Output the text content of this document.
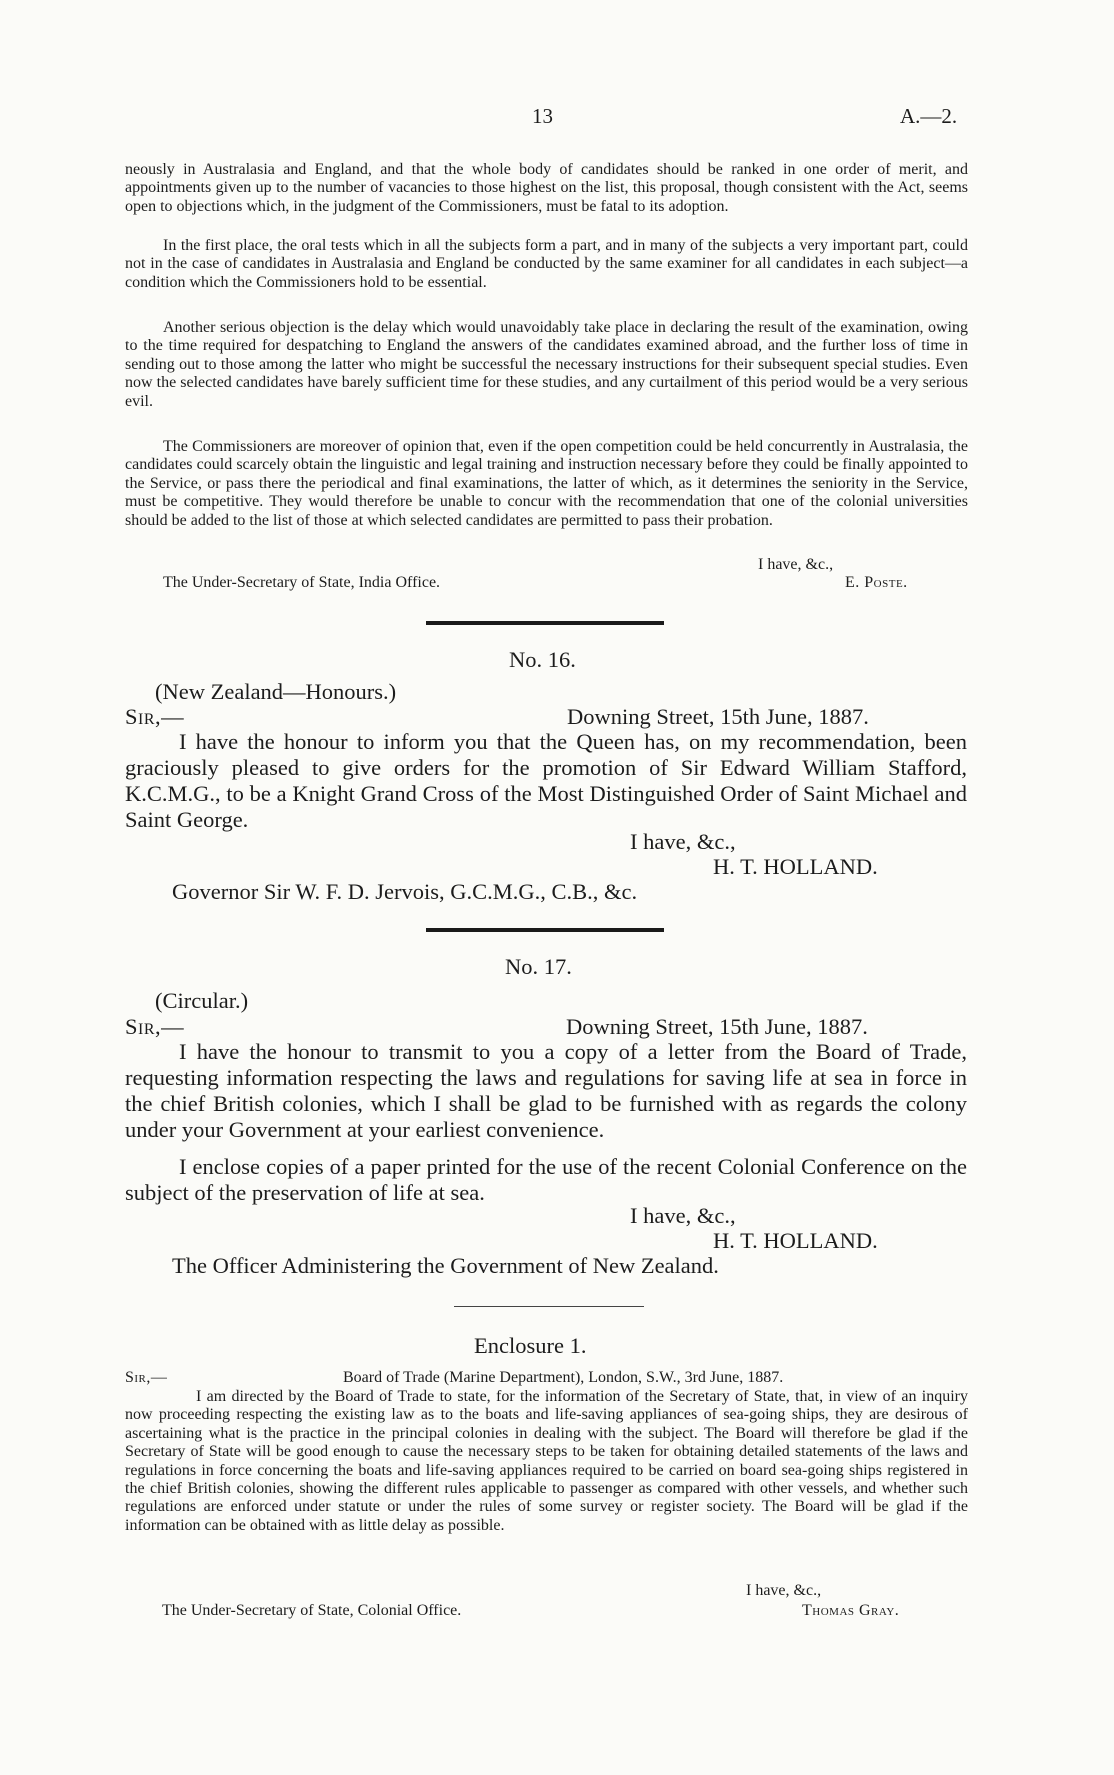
13	A.—2.
neously in Australasia and England, and that the whole body of candidates should be ranked in one order of merit, and appointments given up to the number of vacancies to those highest on the list, this proposal, though consistent with the Act, seems open to objections which, in the judgment of the Commissioners, must be fatal to its adoption.
In the first place, the oral tests which in all the subjects form a part, and in many of the subjects a very important part, could not in the case of candidates in Australasia and England be conducted by the same examiner for all candidates in each subject—a condition which the Commissioners hold to be essential.
Another serious objection is the delay which would unavoidably take place in declaring the result of the examination, owing to the time required for despatching to England the answers of the candidates examined abroad, and the further loss of time in sending out to those among the latter who might be successful the necessary instructions for their subsequent special studies. Even now the selected candidates have barely sufficient time for these studies, and any curtailment of this period would be a very serious evil.
The Commissioners are moreover of opinion that, even if the open competition could be held concurrently in Australasia, the candidates could scarcely obtain the linguistic and legal training and instruction necessary before they could be finally appointed to the Service, or pass there the periodical and final examinations, the latter of which, as it determines the seniority in the Service, must be competitive. They would therefore be unable to concur with the recommendation that one of the colonial universities should be added to the list of those at which selected candidates are permitted to pass their probation.
I have, &c.,
The Under-Secretary of State, India Office.	E. Poste.
No. 16.
(New Zealand—Honours.)
Sir,—	Downing Street, 15th June, 1887.
I have the honour to inform you that the Queen has, on my recommendation, been graciously pleased to give orders for the promotion of Sir Edward William Stafford, K.C.M.G., to be a Knight Grand Cross of the Most Distinguished Order of Saint Michael and Saint George.
I have, &c.,
H. T. HOLLAND.
Governor Sir W. F. D. Jervois, G.C.M.G., C.B., &c.
No. 17.
(Circular.)
Sir,—	Downing Street, 15th June, 1887.
I have the honour to transmit to you a copy of a letter from the Board of Trade, requesting information respecting the laws and regulations for saving life at sea in force in the chief British colonies, which I shall be glad to be furnished with as regards the colony under your Government at your earliest convenience.
I enclose copies of a paper printed for the use of the recent Colonial Conference on the subject of the preservation of life at sea.
I have, &c.,
H. T. HOLLAND.
The Officer Administering the Government of New Zealand.
Enclosure 1.
Sir,—	Board of Trade (Marine Department), London, S.W., 3rd June, 1887.
I am directed by the Board of Trade to state, for the information of the Secretary of State, that, in view of an inquiry now proceeding respecting the existing law as to the boats and life-saving appliances of sea-going ships, they are desirous of ascertaining what is the practice in the principal colonies in dealing with the subject. The Board will therefore be glad if the Secretary of State will be good enough to cause the necessary steps to be taken for obtaining detailed statements of the laws and regulations in force concerning the boats and life-saving appliances required to be carried on board sea-going ships registered in the chief British colonies, showing the different rules applicable to passenger as compared with other vessels, and whether such regulations are enforced under statute or under the rules of some survey or register society. The Board will be glad if the information can be obtained with as little delay as possible.
I have, &c.,
The Under-Secretary of State, Colonial Office.	Thomas Gray.
